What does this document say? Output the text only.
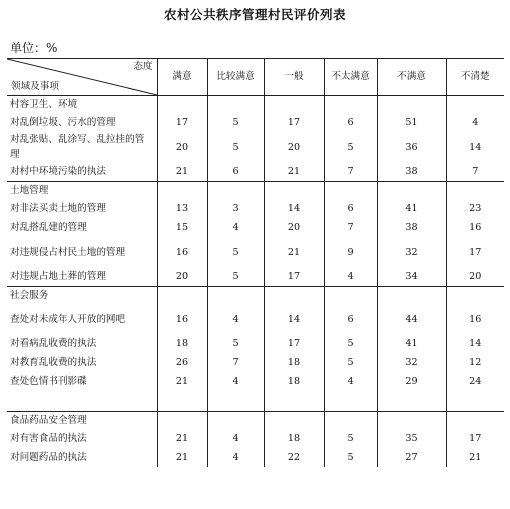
农村公共秩序管理村民评价列表
单位：%
态度
领域及事项	满意	比较满意	一般	不太满意	不满意	不清楚
村容卫生、环境						
对乱倒垃圾、污水的管理	17	5	17	6	51	4
对乱张贴、乱涂写、乱拉挂的管理	20	5	20	5	36	14
对村中环境污染的执法	21	6	21	7	38	7
土地管理						
对非法买卖土地的管理	13	3	14	6	41	23
对乱搭乱建的管理	15	4	20	7	38	16
对违规侵占村民土地的管理	16	5	21	9	32	17
对违规占地土葬的管理	20	5	17	4	34	20
社会服务						
查处对未成年人开放的网吧	16	4	14	6	44	16
对看病乱收费的执法	18	5	17	5	41	14
对教育乱收费的执法	26	7	18	5	32	12
查处色情书刊影碟	21	4	18	4	29	24

食品药品安全管理						
对有害食品的执法	21	4	18	5	35	17
对问题药品的执法	21	4	22	5	27	21
